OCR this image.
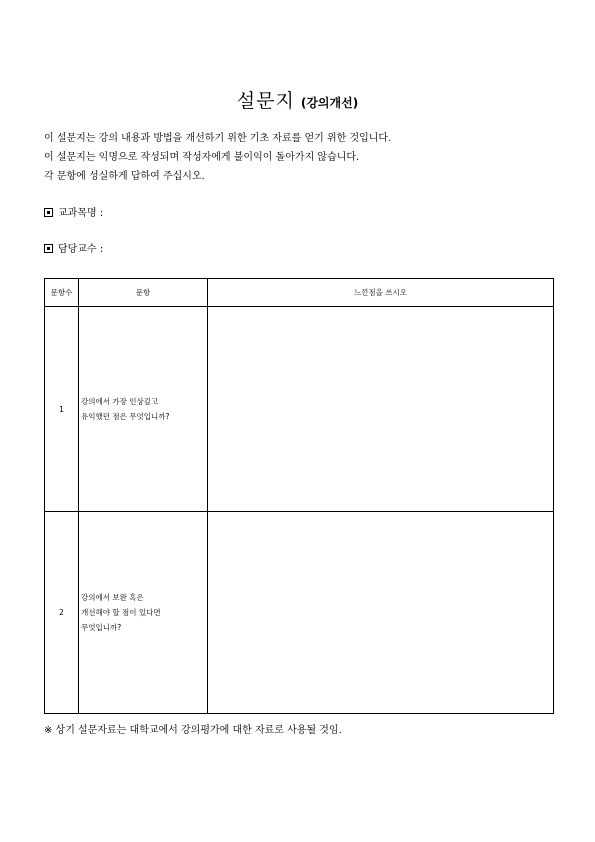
설문지 (강의개선)
이 설문지는 강의 내용과 방법을 개선하기 위한 기초 자료를 얻기 위한 것입니다.
이 설문지는 익명으로 작성되며 작성자에게 불이익이 돌아가지 않습니다.
각 문항에 성실하게 답하여 주십시오.
교과목명 :
담당교수 :
문항수	문항	느낀점을 쓰시오
1	강의에서 가장 인상깊고
유익했던 점은 무엇입니까?	

2	강의에서 보완 혹은
개선해야 할 점이 있다면
무엇입니까?	

※ 상기 설문자료는 대학교에서 강의평가에 대한 자료로 사용될 것임.
